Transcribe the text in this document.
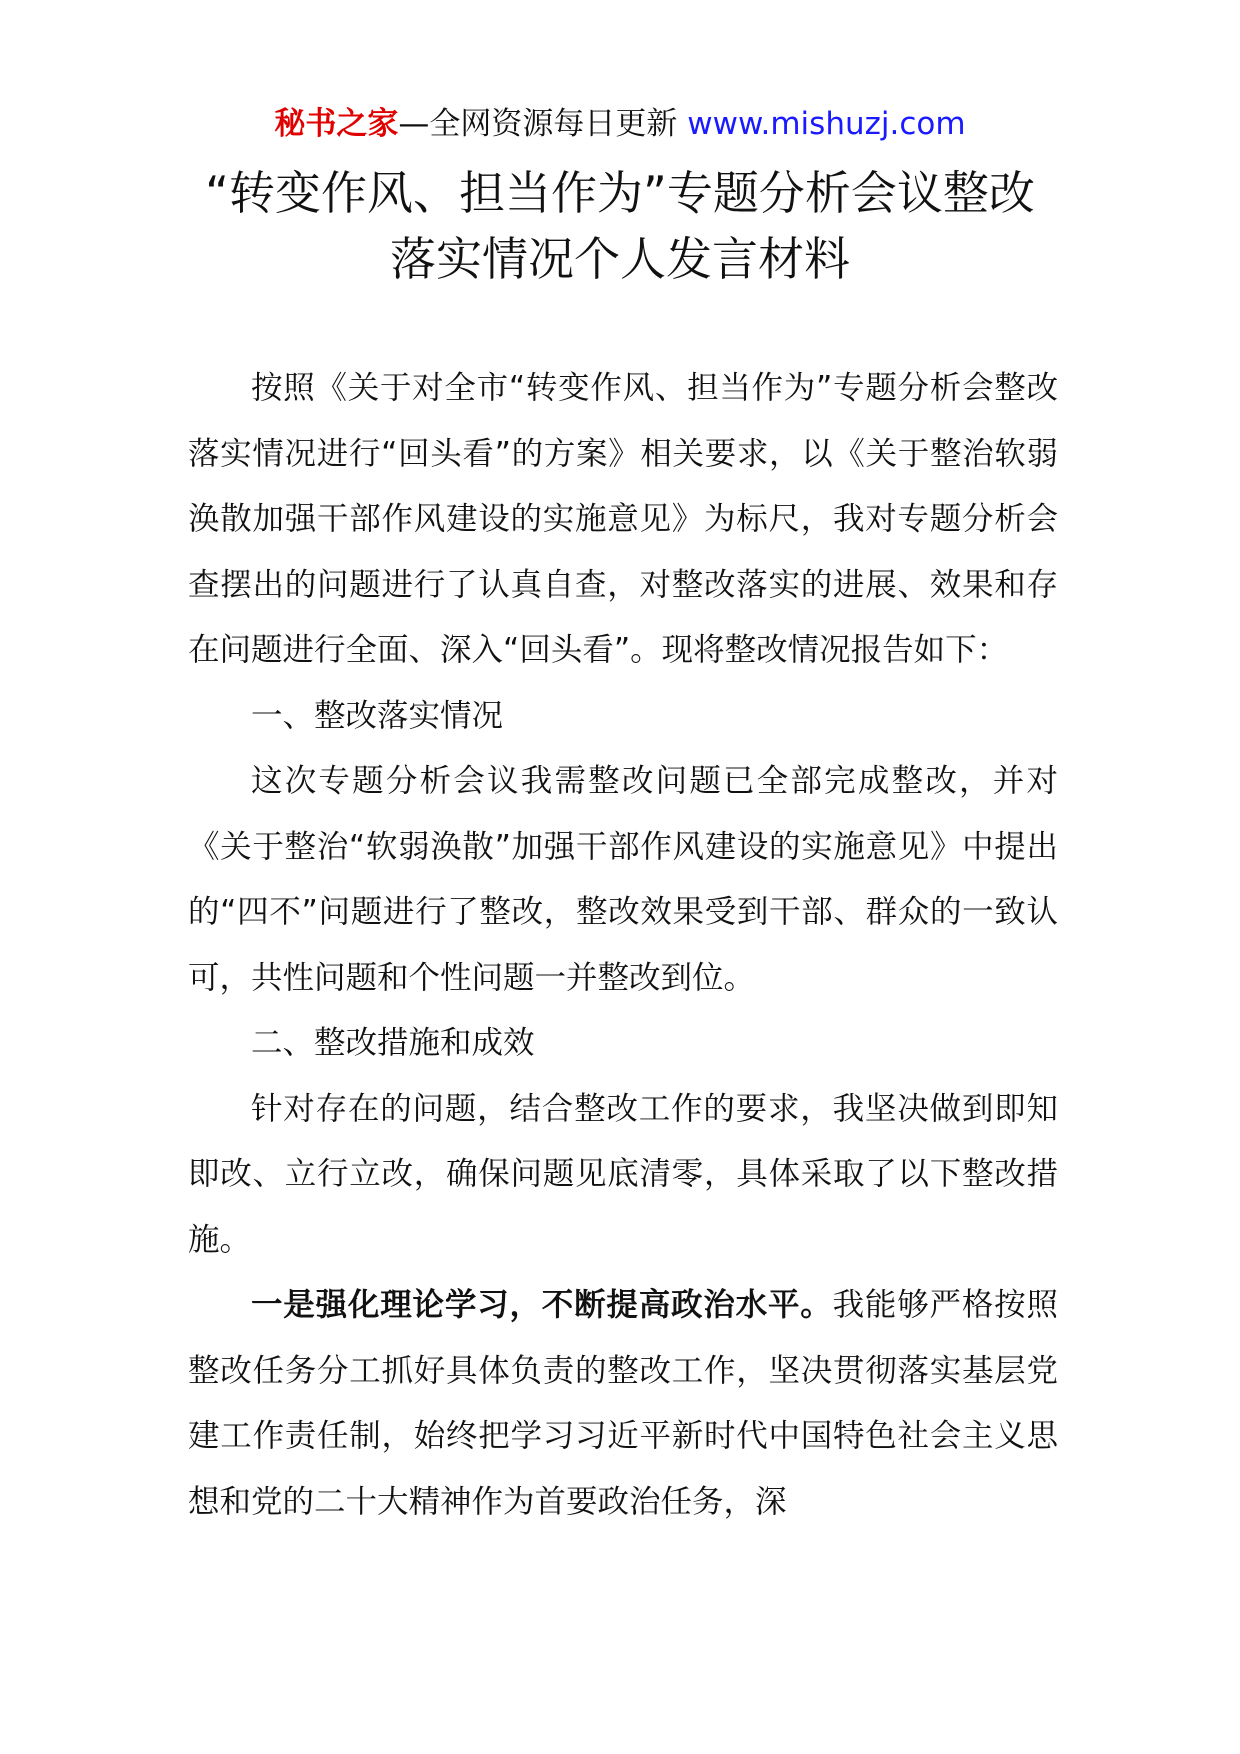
秘书之家—全网资源每日更新 www.mishuzj.com
“转变作风、担当作为”专题分析会议整改
落实情况个人发言材料

按照《关于对全市“转变作风、担当作为”专题分析会整改落实情况进行“回头看”的方案》相关要求，以《关于整治软弱涣散加强干部作风建设的实施意见》为标尺，我对专题分析会查摆出的问题进行了认真自查，对整改落实的进展、效果和存在问题进行全面、深入“回头看”。现将整改情况报告如下：

一、整改落实情况

这次专题分析会议我需整改问题已全部完成整改，并对《关于整治“软弱涣散”加强干部作风建设的实施意见》中提出的“四不”问题进行了整改，整改效果受到干部、群众的一致认可，共性问题和个性问题一并整改到位。

二、整改措施和成效

针对存在的问题，结合整改工作的要求，我坚决做到即知即改、立行立改，确保问题见底清零，具体采取了以下整改措施。

一是强化理论学习，不断提高政治水平。我能够严格按照整改任务分工抓好具体负责的整改工作，坚决贯彻落实基层党建工作责任制，始终把学习习近平新时代中国特色社会主义思想和党的二十大精神作为首要政治任务，深
